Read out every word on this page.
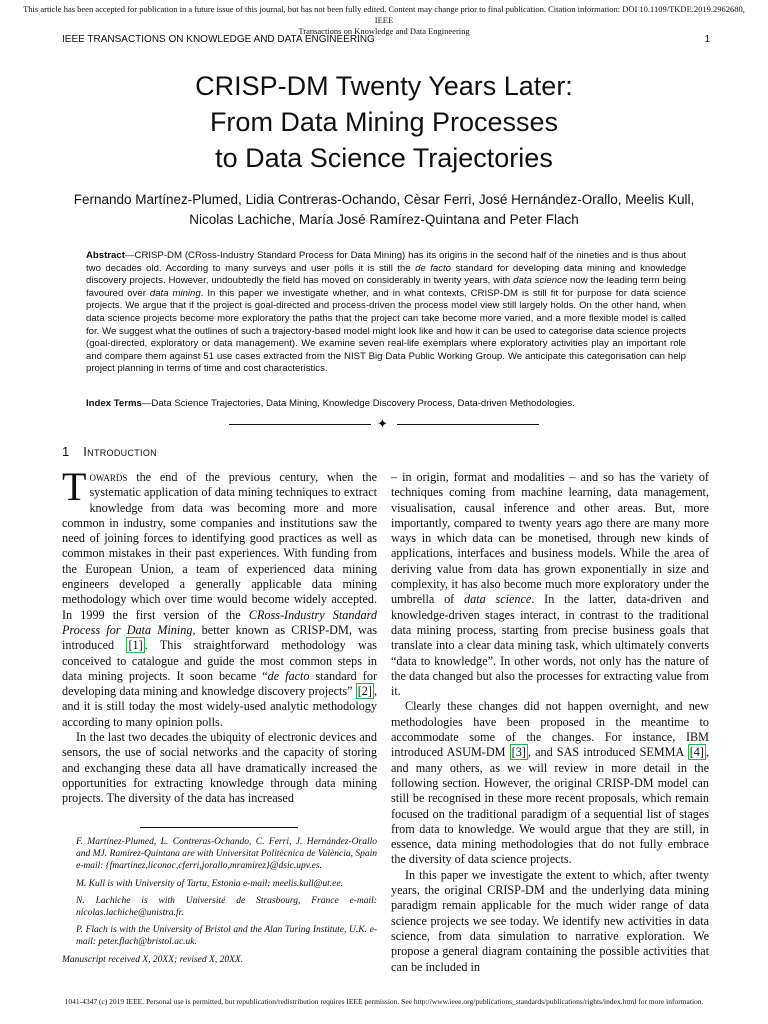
This article has been accepted for publication in a future issue of this journal, but has not been fully edited. Content may change prior to final publication. Citation information: DOI 10.1109/TKDE.2019.2962680, IEEE
Transactions on Knowledge and Data Engineering
IEEE TRANSACTIONS ON KNOWLEDGE AND DATA ENGINEERING	1
CRISP-DM Twenty Years Later:
From Data Mining Processes
to Data Science Trajectories
Fernando Martínez-Plumed, Lidia Contreras-Ochando, Cèsar Ferri, José Hernández-Orallo, Meelis Kull,
Nicolas Lachiche, María José Ramírez-Quintana and Peter Flach
Abstract—CRISP-DM (CRoss-Industry Standard Process for Data Mining) has its origins in the second half of the nineties and is thus about two decades old. According to many surveys and user polls it is still the de facto standard for developing data mining and knowledge discovery projects. However, undoubtedly the field has moved on considerably in twenty years, with data science now the leading term being favoured over data mining. In this paper we investigate whether, and in what contexts, CRISP-DM is still fit for purpose for data science projects. We argue that if the project is goal-directed and process-driven the process model view still largely holds. On the other hand, when data science projects become more exploratory the paths that the project can take become more varied, and a more flexible model is called for. We suggest what the outlines of such a trajectory-based model might look like and how it can be used to categorise data science projects (goal-directed, exploratory or data management). We examine seven real-life exemplars where exploratory activities play an important role and compare them against 51 use cases extracted from the NIST Big Data Public Working Group. We anticipate this categorisation can help project planning in terms of time and cost characteristics.
Index Terms—Data Science Trajectories, Data Mining, Knowledge Discovery Process, Data-driven Methodologies.
✦
1 Introduction

Towards the end of the previous century, when the systematic application of data mining techniques to extract knowledge from data was becoming more and more common in industry, some companies and institutions saw the need of joining forces to identifying good practices as well as common mistakes in their past experiences. With funding from the European Union, a team of experienced data mining engineers developed a generally applicable data mining methodology which over time would become widely accepted. In 1999 the first version of the CRoss-Industry Standard Process for Data Mining, better known as CRISP-DM, was introduced [1] . This straightforward methodology was conceived to catalogue and guide the most common steps in data mining projects. It soon became “de facto standard for developing data mining and knowledge discovery projects” [2] , and it is still today the most widely-used analytic methodology according to many opinion polls.

In the last two decades the ubiquity of electronic devices and sensors, the use of social networks and the capacity of storing and exchanging these data all have dramatically increased the opportunities for extracting knowledge through data mining projects. The diversity of the data has increased

– in origin, format and modalities – and so has the variety of techniques coming from machine learning, data management, visualisation, causal inference and other areas. But, more importantly, compared to twenty years ago there are many more ways in which data can be monetised, through new kinds of applications, interfaces and business models. While the area of deriving value from data has grown exponentially in size and complexity, it has also become much more exploratory under the umbrella of data science. In the latter, data-driven and knowledge-driven stages interact, in contrast to the traditional data mining process, starting from precise business goals that translate into a clear data mining task, which ultimately converts “data to knowledge”. In other words, not only has the nature of the data changed but also the processes for extracting value from it.

Clearly these changes did not happen overnight, and new methodologies have been proposed in the meantime to accommodate some of the changes. For instance, IBM introduced ASUM-DM [3] , and SAS introduced SEMMA [4] , and many others, as we will review in more detail in the following section. However, the original CRISP-DM model can still be recognised in these more recent proposals, which remain focused on the traditional paradigm of a sequential list of stages from data to knowledge. We would argue that they are still, in essence, data mining methodologies that do not fully embrace the diversity of data science projects.

In this paper we investigate the extent to which, after twenty years, the original CRISP-DM and the underlying data mining paradigm remain applicable for the much wider range of data science projects we see today. We identify new activities in data science, from data simulation to narrative exploration. We propose a general diagram containing the possible activities that can be included in

F. Martínez-Plumed, L. Contreras-Ochando, C. Ferri, J. Hernández-Orallo and MJ. Ramírez-Quintana are with Universitat Politècnica de València, Spain e-mail: {fmartinez,liconoc,cferri,jorallo,mramirez}@dsic.upv.es.
M. Kull is with University of Tartu, Estonia e-mail: meelis.kull@ut.ee.
N. Lachiche is with Université de Strasbourg, France e-mail: nicolas.lachiche@unistra.fr.
P. Flach is with the University of Bristol and the Alan Turing Institute, U.K. e-mail: peter.flach@bristol.ac.uk.
Manuscript received X, 20XX; revised X, 20XX.
1041-4347 (c) 2019 IEEE. Personal use is permitted, but republication/redistribution requires IEEE permission. See http://www.ieee.org/publications_standards/publications/rights/index.html for more information.
